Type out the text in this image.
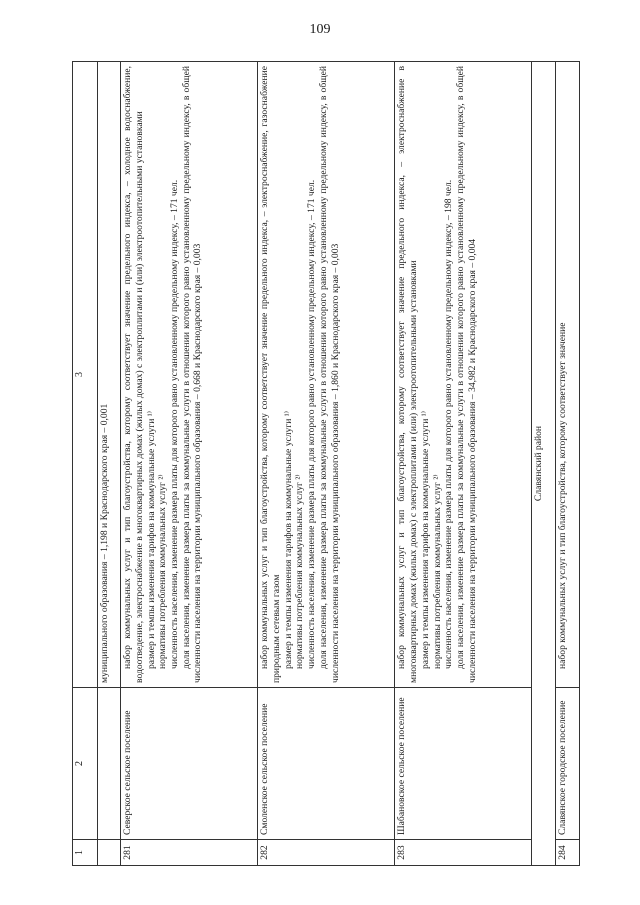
109
1	2	3
		муниципального образования – 1,198 и Краснодарского края – 0,001
281	Северское сельское поселение	набор коммунальных услуг и тип благоустройства, которому соответствует значение предельного индекса, – холодное водоснабжение, водоотведение, электроснабжение в многоквартирных домах (жилых домах) с электроплитами и (или) электроотопительными установками размер и темпы изменения тарифов на коммунальные услуги ¹⁾ нормативы потребления коммунальных услуг ²⁾ численность населения, изменение размера платы для которого равно установленному предельному индексу, – 171 чел. доля населения, изменение размера платы за коммунальные услуги в отношении которого равно установленному предельному индексу, в общей численности населения на территории муниципального образования – 0,668 и Краснодарского края – 0,003

282	Смоленское сельское поселение	набор коммунальных услуг и тип благоустройства, которому соответствует значение предельного индекса, – электроснабжение, газоснабжение природным сетевым газом размер и темпы изменения тарифов на коммунальные услуги ¹⁾ нормативы потребления коммунальных услуг ²⁾ численность населения, изменение размера платы для которого равно установленному предельному индексу, – 171 чел. доля населения, изменение размера платы за коммунальные услуги в отношении которого равно установленному предельному индексу, в общей численности населения на территории муниципального образования – 1,860 и Краснодарского края – 0,003

283	Шабановское сельское поселение	набор коммунальных услуг и тип благоустройства, которому соответствует значение предельного индекса, – электроснабжение в многоквартирных домах (жилых домах) с электроплитами и (или) электроотопительными установками размер и темпы изменения тарифов на коммунальные услуги ¹⁾ нормативы потребления коммунальных услуг ²⁾ численность населения, изменение размера платы для которого равно установленному предельному индексу, – 198 чел. доля населения, изменение размера платы за коммунальные услуги в отношении которого равно установленному предельному индексу, в общей численности населения на территории муниципального образования – 34,982 и Краснодарского края – 0,004

Славянский район		
284	Славянское городское поселение	набор коммунальных услуг и тип благоустройства, которому соответствует значение
